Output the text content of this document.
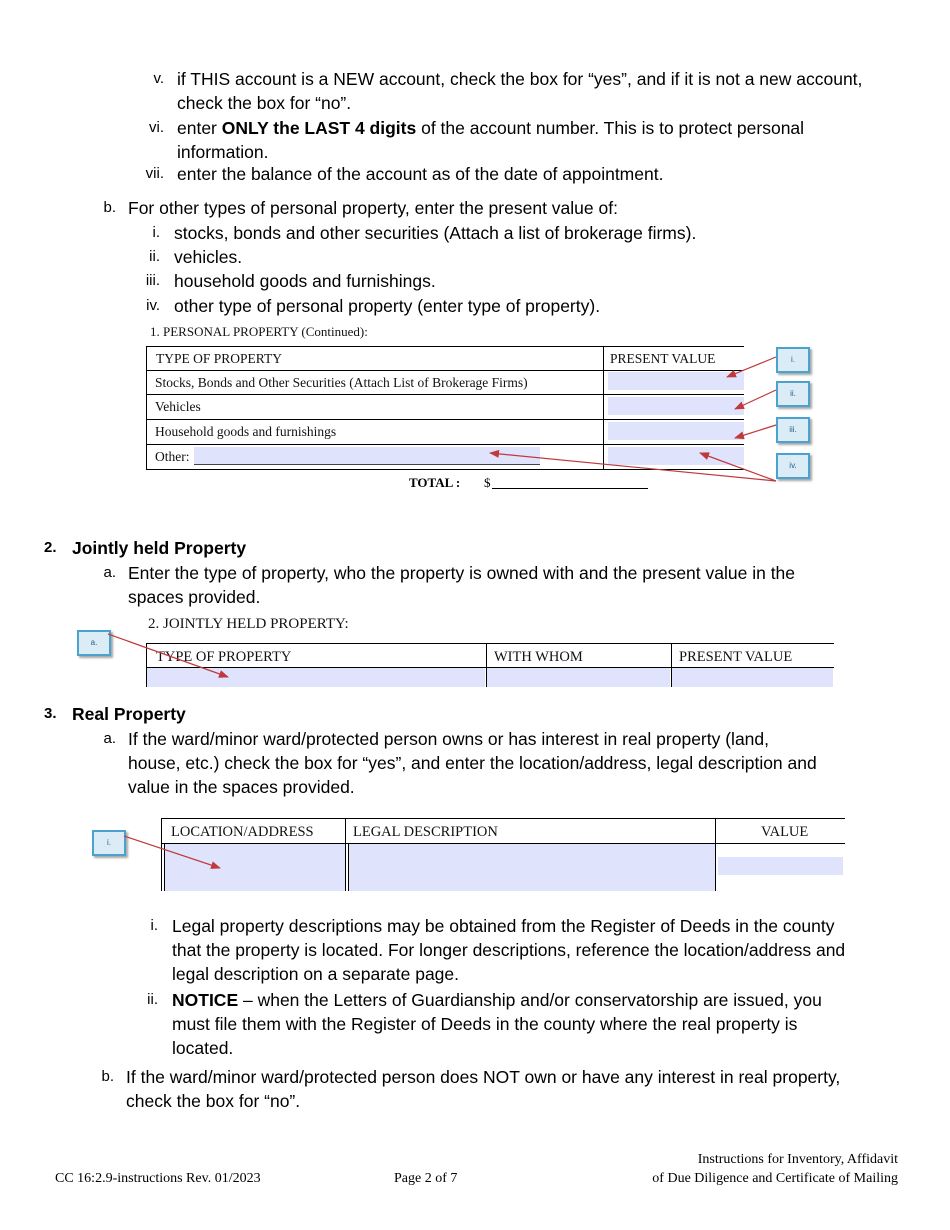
v. if THIS account is a NEW account, check the box for “yes”, and if it is not a new account,
check the box for “no”.
vi. enter ONLY the LAST 4 digits of the account number. This is to protect personal
information.
vii. enter the balance of the account as of the date of appointment.
b. For other types of personal property, enter the present value of:
i. stocks, bonds and other securities (Attach a list of brokerage firms).
ii. vehicles.
iii. household goods and furnishings.
iv. other type of personal property (enter type of property).
1. PERSONAL PROPERTY (Continued):
TYPE OF PROPERTY	PRESENT VALUE
Stocks, Bonds and Other Securities (Attach List of Brokerage Firms)
Vehicles
Household goods and furnishings
Other:
TOTAL : $
i.
ii.
iii.
iv.
2. Jointly held Property
a. Enter the type of property, who the property is owned with and the present value in the
spaces provided.
2. JOINTLY HELD PROPERTY:
TYPE OF PROPERTY	WITH WHOM	PRESENT VALUE
a.
3. Real Property
a. If the ward/minor ward/protected person owns or has interest in real property (land,
house, etc.) check the box for “yes”, and enter the location/address, legal description and
value in the spaces provided.
LOCATION/ADDRESS	LEGAL DESCRIPTION	VALUE
i.
i. Legal property descriptions may be obtained from the Register of Deeds in the county
that the property is located. For longer descriptions, reference the location/address and
legal description on a separate page.
ii. NOTICE – when the Letters of Guardianship and/or conservatorship are issued, you
must file them with the Register of Deeds in the county where the real property is
located.
b. If the ward/minor ward/protected person does NOT own or have any interest in real property,
check the box for “no”.
CC 16:2.9-instructions Rev. 01/2023	Page 2 of 7
Instructions for Inventory, Affidavit
of Due Diligence and Certificate of Mailing
